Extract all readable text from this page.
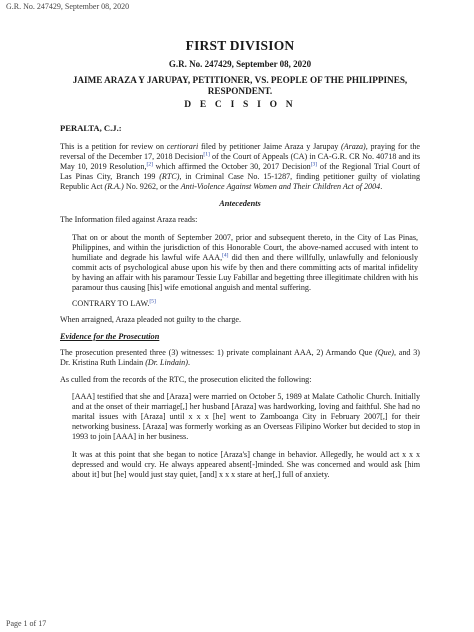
G.R. No. 247429, September 08, 2020
FIRST DIVISION
G.R. No. 247429, September 08, 2020
JAIME ARAZA Y JARUPAY, PETITIONER, VS. PEOPLE OF THE PHILIPPINES, RESPONDENT.
D E C I S I O N
PERALTA, C.J.:

This is a petition for review on certiorari filed by petitioner Jaime Araza y Jarupay (Araza), praying for the reversal of the December 17, 2018 Decision[1] of the Court of Appeals (CA) in CA-G.R. CR No. 40718 and its May 10, 2019 Resolution,[2] which affirmed the October 30, 2017 Decision[3] of the Regional Trial Court of Las Pinas City, Branch 199 (RTC), in Criminal Case No. 15-1287, finding petitioner guilty of violating Republic Act (R.A.) No. 9262, or the Anti-Violence Against Women and Their Children Act of 2004.

Antecedents

The Information filed against Araza reads:

That on or about the month of September 2007, prior and subsequent thereto, in the City of Las Pinas, Philippines, and within the jurisdiction of this Honorable Court, the above-named accused with intent to humiliate and degrade his lawful wife AAA,[4] did then and there willfully, unlawfully and feloniously commit acts of psychological abuse upon his wife by then and there committing acts of marital infidelity by having an affair with his paramour Tessie Luy Fabillar and begetting three illegitimate children with his paramour thus causing [his] wife emotional anguish and mental suffering.

CONTRARY TO LAW.[5]

When arraigned, Araza pleaded not guilty to the charge.

Evidence for the Prosecution

The prosecution presented three (3) witnesses: 1) private complainant AAA, 2) Armando Que (Que), and 3) Dr. Kristina Ruth Lindain (Dr. Lindain).

As culled from the records of the RTC, the prosecution elicited the following:

[AAA] testified that she and [Araza] were married on October 5, 1989 at Malate Catholic Church. Initially and at the onset of their marriage[,] her husband [Araza] was hardworking, loving and faithful. She had no marital issues with [Araza] until x x x [he] went to Zamboanga City in February 2007[,] for their networking business. [Araza] was formerly working as an Overseas Filipino Worker but decided to stop in 1993 to join [AAA] in her business.

It was at this point that she began to notice [Araza's] change in behavior. Allegedly, he would act x x x depressed and would cry. He always appeared absent[-]minded. She was concerned and would ask [him about it] but [he] would just stay quiet, [and] x x x stare at her[,] full of anxiety.

Page 1 of 17
